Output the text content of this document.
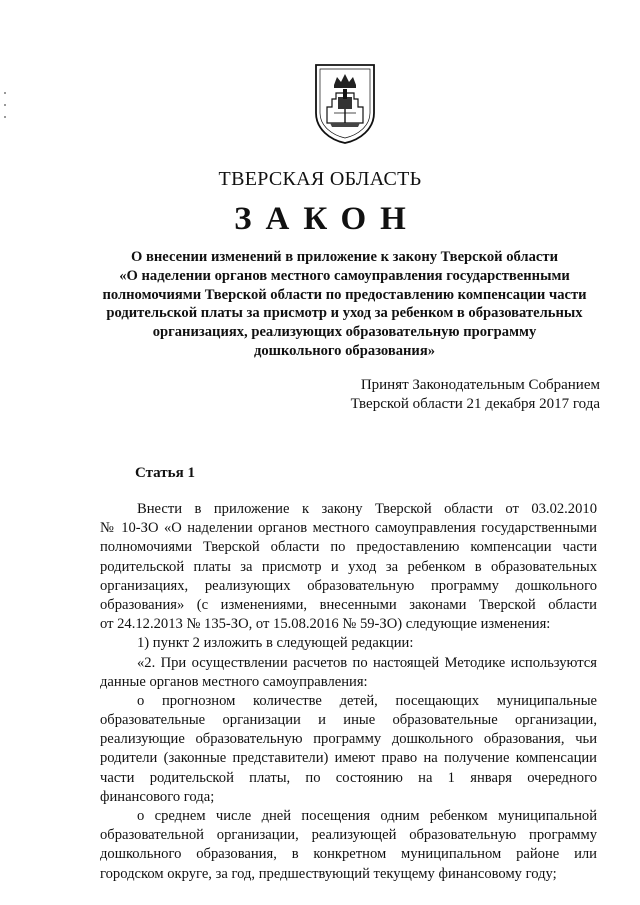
ТВЕРСКАЯ ОБЛАСТЬ
ЗАКОН
О внесении изменений в приложение к закону Тверской области
«О наделении органов местного самоуправления государственными
полномочиями Тверской области по предоставлению компенсации части
родительской платы за присмотр и уход за ребенком в образовательных
организациях, реализующих образовательную программу
дошкольного образования»
Принят Законодательным Собранием
Тверской области 21 декабря 2017 года
Статья 1
Внести в приложение к закону Тверской области от 03.02.2010
№ 10-ЗО «О наделении органов местного самоуправления государственными
полномочиями Тверской области по предоставлению компенсации части
родительской платы за присмотр и уход за ребенком в образовательных
организациях, реализующих образовательную программу дошкольного
образования» (с изменениями, внесенными законами Тверской области
от 24.12.2013 № 135-ЗО, от 15.08.2016 № 59-ЗО) следующие изменения:
1) пункт 2 изложить в следующей редакции:
«2. При осуществлении расчетов по настоящей Методике используются
данные органов местного самоуправления:
о прогнозном количестве детей, посещающих муниципальные
образовательные организации и иные образовательные организации,
реализующие образовательную программу дошкольного образования, чьи
родители (законные представители) имеют право на получение компенсации
части родительской платы, по состоянию на 1 января очередного
финансового года;
о среднем числе дней посещения одним ребенком муниципальной
образовательной организации, реализующей образовательную программу
дошкольного образования, в конкретном муниципальном районе или
городском округе, за год, предшествующий текущему финансовому году;
